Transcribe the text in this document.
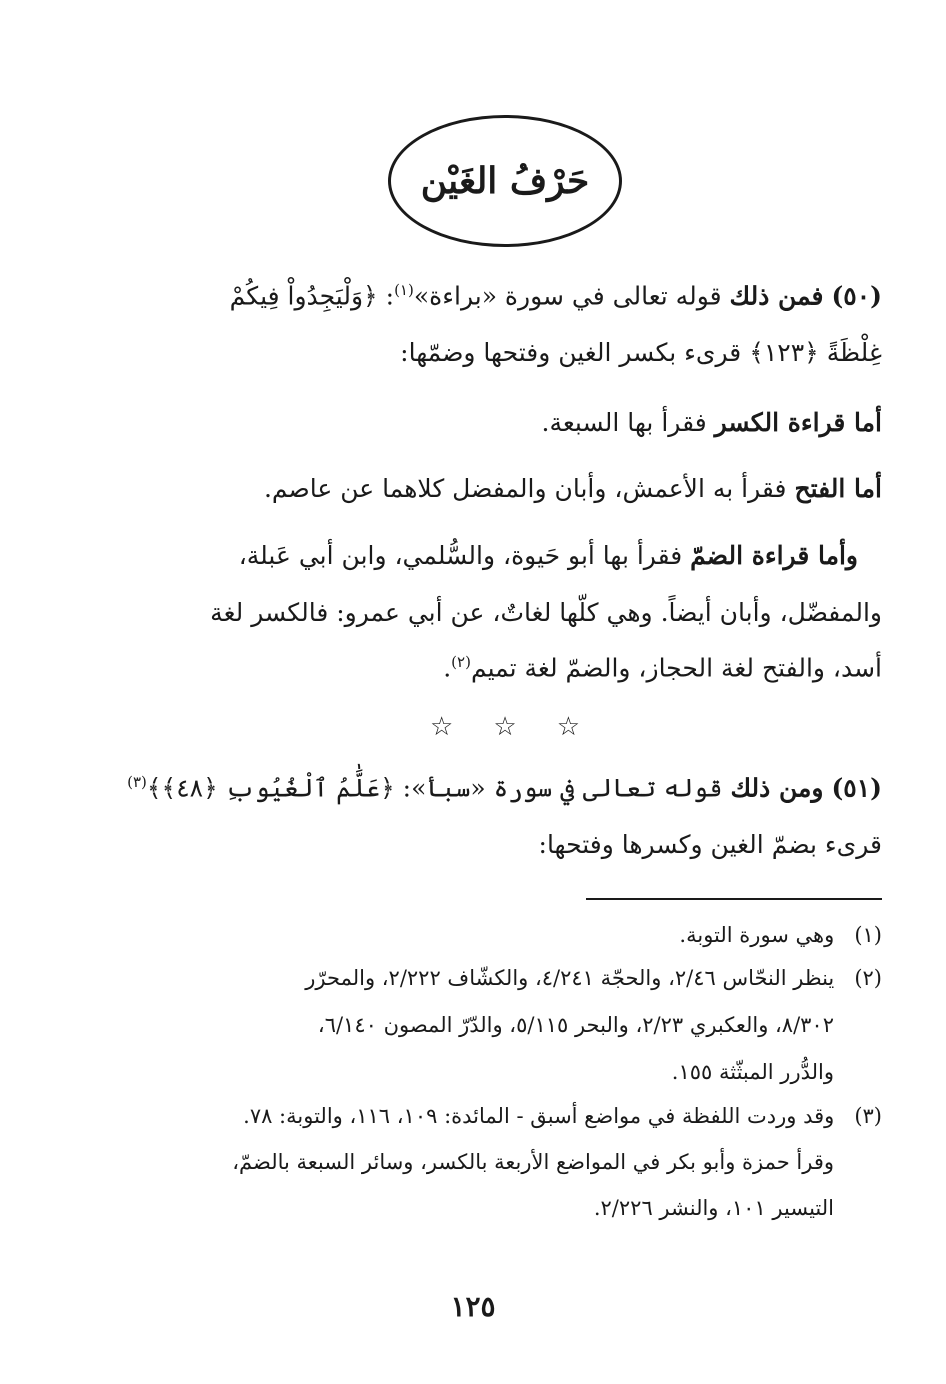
حَرْفُ الغَيْن
(٥٠) فمن ذلك قوله تعالى في سورة «براءة»$^{(١)}$: ﴿وَلْيَجِدُواْ فِيكُمْ
غِلْظَةً ﴿١٢٣﴾ قرىء بكسر الغين وفتحها وضمّها:
أما قراءة الكسر فقرأ بها السبعة.
أما الفتح فقرأ به الأعمش، وأبان والمفضل كلاهما عن عاصم.
وأما قراءة الضمّ فقرأ بها أبو حَيوة، والسُّلمي، وابن أبي عَبلة،
والمفضّل، وأبان أيضاً. وهي كلّها لغاتٌ، عن أبي عمرو: فالكسر لغة
أسد، والفتح لغة الحجاز، والضمّ لغة تميم$^{(٢)}$.
☆ ☆ ☆
(٥١) ومن ذلك قوله تعالى في سورة «سبأ»: ﴿عَلَّٰمُ ٱلْغُيُوبِ ﴿٤٨﴾﴾$^{(٣)}$
قرىء بضمّ الغين وكسرها وفتحها:
(١)   وهي سورة التوبة.
(٢)   ينظر النحّاس ٢/٤٦، والحجّة ٤/٢٤١، والكشّاف ٢/٢٢٢، والمحرّر
٨/٣٠٢، والعكبري ٢/٢٣، والبحر ٥/١١٥، والدّرّ المصون ٦/١٤٠،
والدُّرر المبثّثة ١٥٥.
(٣)   وقد وردت اللفظة في مواضع أسبق - المائدة: ١٠٩، ١١٦، والتوبة: ٧٨.
وقرأ حمزة وأبو بكر في المواضع الأربعة بالكسر، وسائر السبعة بالضمّ،
التيسير ١٠١، والنشر ٢/٢٢٦.
١٢٥
